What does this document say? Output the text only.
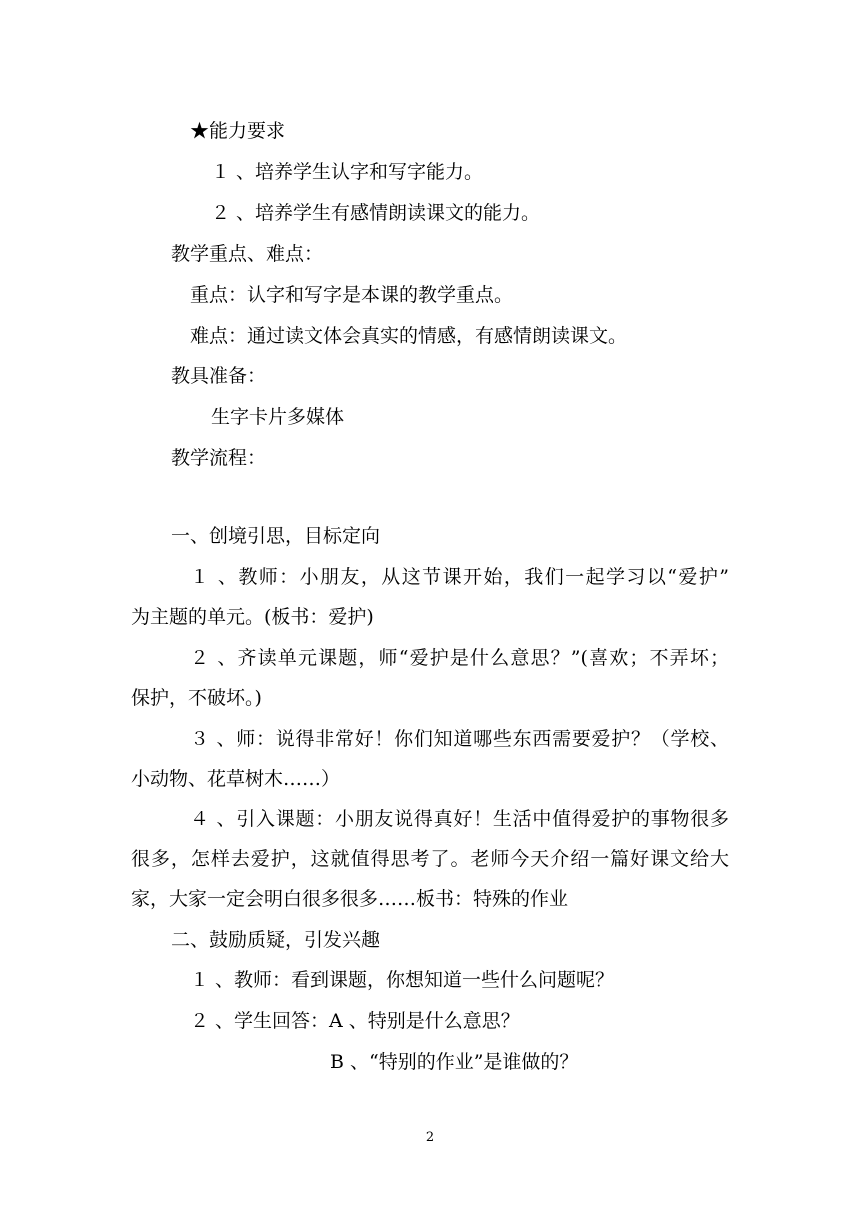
★能力要求
１ 、培养学生认字和写字能力。
２ 、培养学生有感情朗读课文的能力。
教学重点、难点：
重点：认字和写字是本课的教学重点。
难点：通过读文体会真实的情感，有感情朗读课文。
教具准备：
生字卡片多媒体
教学流程：
一、创境引思，目标定向
１ 、教师：小朋友，从这节课开始，我们一起学习以“爱护”
为主题的单元。(板书：爱护)
２ 、齐读单元课题，师“爱护是什么意思？”(喜欢；不弄坏；
保护，不破坏。)
３ 、师：说得非常好！你们知道哪些东西需要爱护？（学校、
小动物、花草树木……）
４ 、引入课题：小朋友说得真好！生活中值得爱护的事物很多
很多，怎样去爱护，这就值得思考了。老师今天介绍一篇好课文给大
家，大家一定会明白很多很多……板书：特殊的作业
二、鼓励质疑，引发兴趣
１ 、教师：看到课题，你想知道一些什么问题呢？
２ 、学生回答：A 、特别是什么意思？
B 、“特别的作业”是谁做的？
2
